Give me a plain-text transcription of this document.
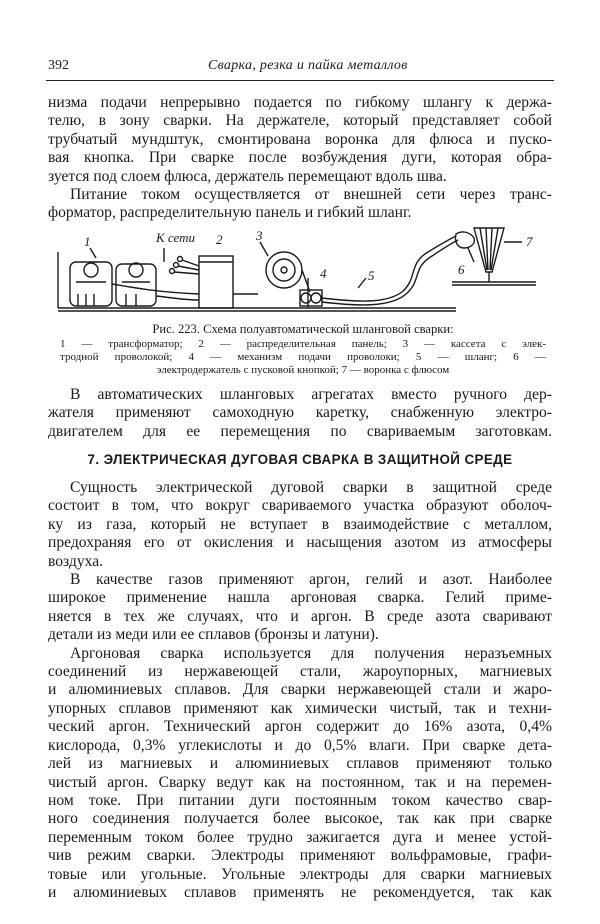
392	Сварка, резка и пайка металлов

низма подачи непрерывно подается по гибкому шлангу к держа-
телю, в зону сварки. На держателе, который представляет собой
трубчатый мундштук, смонтирована воронка для флюса и пуско-
вая кнопка. При сварке после возбуждения дуги, которая обра-
зуется под слоем флюса, держатель перемещают вдоль шва.

Питание током осуществляется от внешней сети через транс-
форматор, распределительную панель и гибкий шланг.

1	К сети 2	3
4	5	6
7

Рис. 223. Схема полуавтоматической шланговой сварки:

1 — трансформатор; 2 — распределительная панель; 3 — кассета с элек-

тродной проволокой; 4 — механизм подачи проволоки; 5 — шланг; 6 —

электродержатель с пусковой кнопкой; 7 — воронка с флюсом

В автоматических шланговых агрегатах вместо ручного дер-
жателя применяют самоходную каретку, снабженную электро-
двигателем для ее перемещения по свариваемым заготовкам.

7. ЭЛЕКТРИЧЕСКАЯ ДУГОВАЯ СВАРКА В ЗАЩИТНОЙ СРЕДЕ

Сущность электрической дуговой сварки в защитной среде
состоит в том, что вокруг свариваемого участка образуют оболоч-
ку из газа, который не вступает в взаимодействие с металлом,
предохраняя его от окисления и насыщения азотом из атмосферы
воздуха.

В качестве газов применяют аргон, гелий и азот. Наиболее
широкое применение нашла аргоновая сварка. Гелий приме-
няется в тех же случаях, что и аргон. В среде азота сваривают
детали из меди или ее сплавов (бронзы и латуни).

Аргоновая сварка используется для получения неразъемных
соединений из нержавеющей стали, жароупорных, магниевых
и алюминиевых сплавов. Для сварки нержавеющей стали и жаро-
упорных сплавов применяют как химически чистый, так и техни-
ческий аргон. Технический аргон содержит до 16% азота, 0,4%
кислорода, 0,3% углекислоты и до 0,5% влаги. При сварке дета-
лей из магниевых и алюминиевых сплавов применяют только
чистый аргон. Сварку ведут как на постоянном, так и на перемен-
ном токе. При питании дуги постоянным током качество свар-
ного соединения получается более высокое, так как при сварке
переменным током более трудно зажигается дуга и менее устой-
чив режим сварки. Электроды применяют вольфрамовые, графи-
товые или угольные. Угольные электроды для сварки магниевых
и алюминиевых сплавов применять не рекомендуется, так как
